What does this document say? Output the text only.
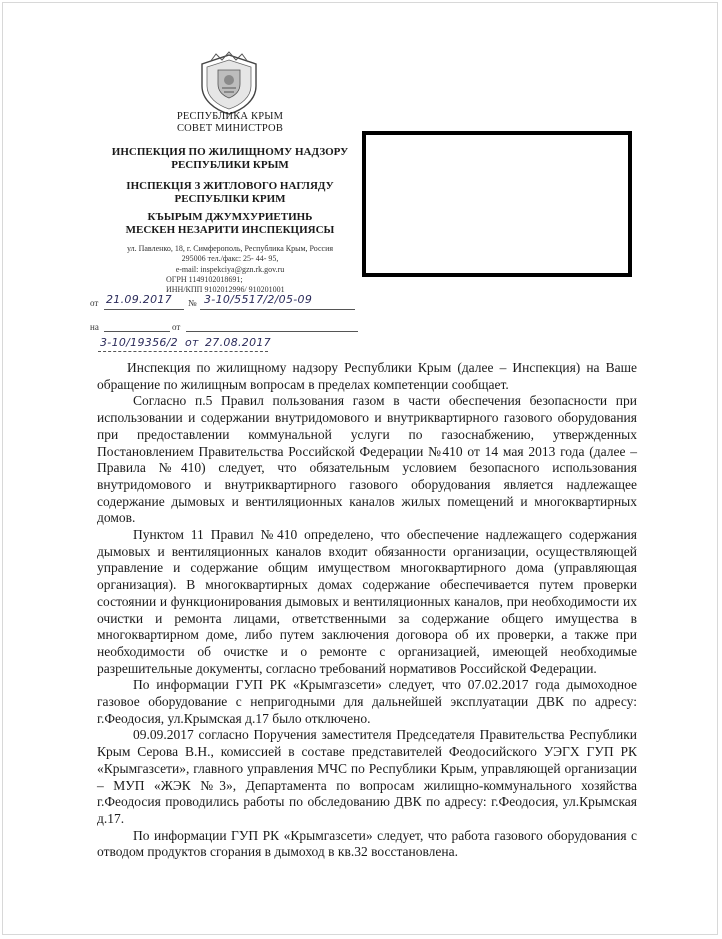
РЕСПУБЛИКА КРЫМ
СОВЕТ МИНИСТРОВ
ИНСПЕКЦИЯ ПО ЖИЛИЩНОМУ НАДЗОРУ
РЕСПУБЛИКИ КРЫМ
ІНСПЕКЦІЯ З ЖИТЛОВОГО НАГЛЯДУ
РЕСПУБЛІКИ КРИМ
КЪЫРЫМ ДЖУМХУРИЕТИНЬ
МЕСКЕН НЕЗАРИТИ ИНСПЕКЦИЯСЫ
ул. Павленко, 18, г. Симферополь, Республика Крым, Россия
295006 тел./факс: 25- 44- 95,
e-mail: inspekciya@gzn.rk.gov.ru
ОГРН 1149102018691;
ИНН/КПП 9102012996/ 910201001
от 21.09.2017 № 3-10/5517/2/05-09
на	от
3-10/19356/2 от 27.08.2017

Инспекция по жилищному надзору Республики Крым (далее – Инспекция) на Ваше обращение по жилищным вопросам в пределах компетенции сообщает.

Согласно п.5 Правил пользования газом в части обеспечения безопасности при использовании и содержании внутридомового и внутриквартирного газового оборудования при предоставлении коммунальной услуги по газоснабжению, утвержденных Постановлением Правительства Российской Федерации №410 от 14 мая 2013 года (далее – Правила №410) следует, что обязательным условием безопасного использования внутридомового и внутриквартирного газового оборудования является надлежащее содержание дымовых и вентиляционных каналов жилых помещений и многоквартирных домов.

Пунктом 11 Правил №410 определено, что обеспечение надлежащего содержания дымовых и вентиляционных каналов входит обязанности организации, осуществляющей управление и содержание общим имуществом многоквартирного дома (управляющая организация). В многоквартирных домах содержание обеспечивается путем проверки состоянии и функционирования дымовых и вентиляционных каналов, при необходимости их очистки и ремонта лицами, ответственными за содержание общего имущества в многоквартирном доме, либо путем заключения договора об их проверки, а также при необходимости об очистке и о ремонте с организацией, имеющей необходимые разрешительные документы, согласно требований нормативов Российской Федерации.

По информации ГУП РК «Крымгазсети» следует, что 07.02.2017 года дымоходное газовое оборудование с непригодными для дальнейшей эксплуатации ДВК по адресу: г.Феодосия, ул.Крымская д.17 было отключено.

09.09.2017 согласно Поручения заместителя Председателя Правительства Республики Крым Серова В.Н., комиссией в составе представителей Феодосийского УЭГХ ГУП РК «Крымгазсети», главного управления МЧС по Республики Крым, управляющей организации – МУП «ЖЭК №3», Департамента по вопросам жилищно-коммунального хозяйства г.Феодосия проводились работы по обследованию ДВК по адресу: г.Феодосия, ул.Крымская д.17.

По информации ГУП РК «Крымгазсети» следует, что работа газового оборудования с отводом продуктов сгорания в дымоход в кв.32 восстановлена.
